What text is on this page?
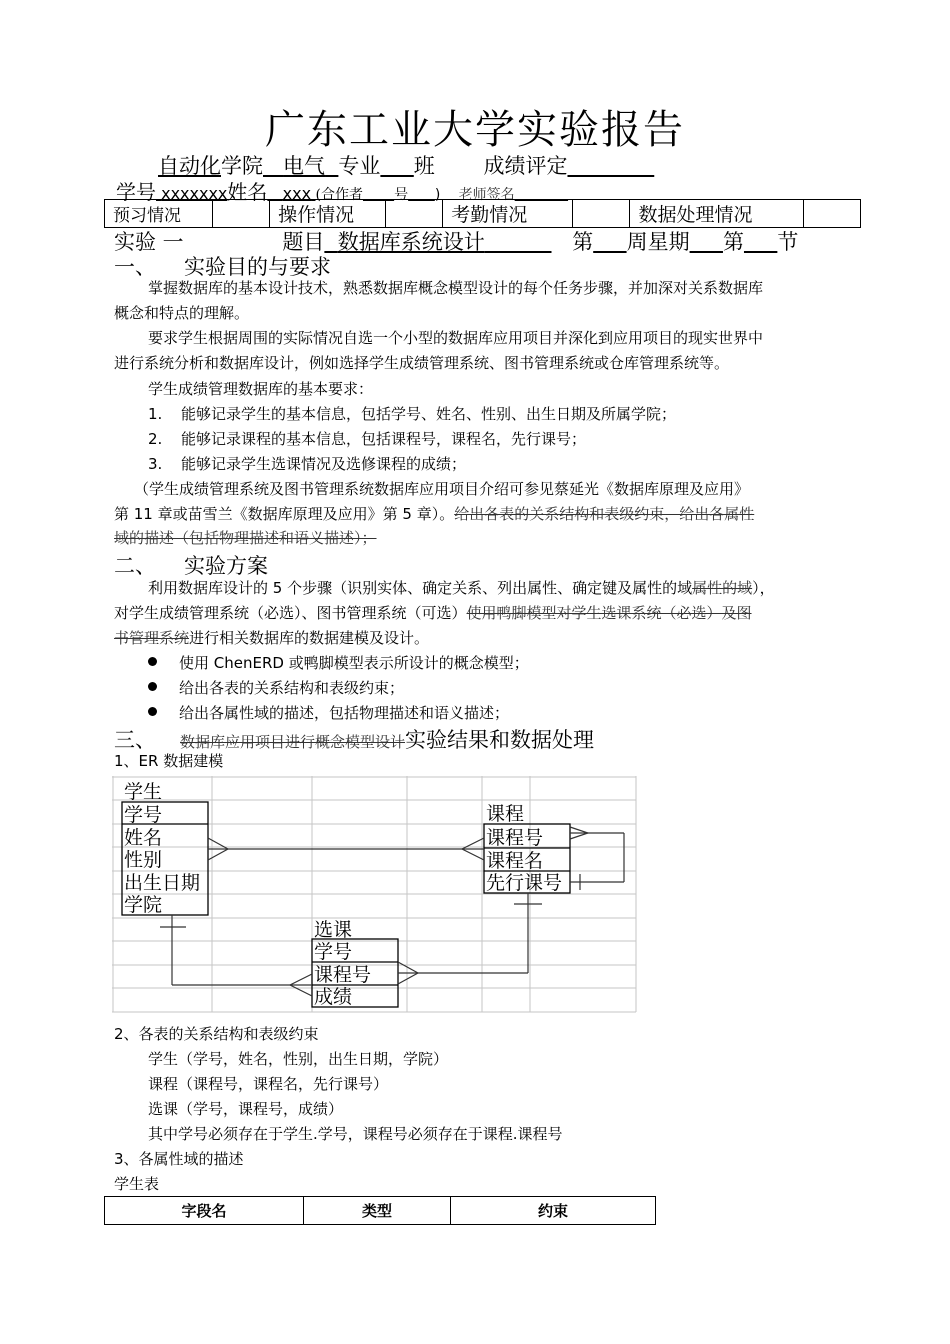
广东工业大学实验报告
自动化学院 电气 专业 班 成绩评定
学号 xxxxxxx姓名 xxx (合作者 号 ) 老师签名
预习情况		操作情况		考勤情况		数据处理情况	
实验 一	题目 数据库系统设计	第 周星期 第 节
一、 实验目的与要求
掌握数据库的基本设计技术，熟悉数据库概念模型设计的每个任务步骤，并加深对关系数据库
概念和特点的理解。
要求学生根据周围的实际情况自选一个小型的数据库应用项目并深化到应用项目的现实世界中
进行系统分析和数据库设计，例如选择学生成绩管理系统、图书管理系统或仓库管理系统等。
学生成绩管理数据库的基本要求：
1. 能够记录学生的基本信息，包括学号、姓名、性别、出生日期及所属学院；
2. 能够记录课程的基本信息，包括课程号，课程名，先行课号；
3. 能够记录学生选课情况及选修课程的成绩；
（学生成绩管理系统及图书管理系统数据库应用项目介绍可参见蔡延光《数据库原理及应用》
第 11 章或苗雪兰《数据库原理及应用》第 5 章）。给出各表的关系结构和表级约束，给出各属性
域的描述（包括物理描述和语义描述）；
二、 实验方案
利用数据库设计的 5 个步骤（识别实体、确定关系、列出属性、确定键及属性的域属性的域），
对学生成绩管理系统（必选）、图书管理系统（可选）使用鸭脚模型对学生选课系统（必选）及图
书管理系统进行相关数据库的数据建模及设计。
使用 ChenERD 或鸭脚模型表示所设计的概念模型；
给出各表的关系结构和表级约束；
给出各属性域的描述，包括物理描述和语义描述；
三、 数据库应用项目进行概念模型设计实验结果和数据处理
1、ER 数据建模
学生
学号
姓名
性别
出生日期
学院
课程
课程号
课程名
先行课号
选课
学号
课程号
成绩
2、各表的关系结构和表级约束
学生（学号，姓名，性别，出生日期，学院）
课程（课程号，课程名，先行课号）
选课（学号，课程号，成绩）
其中学号必须存在于学生.学号，课程号必须存在于课程.课程号
3、各属性域的描述
学生表
字段名	类型	约束
